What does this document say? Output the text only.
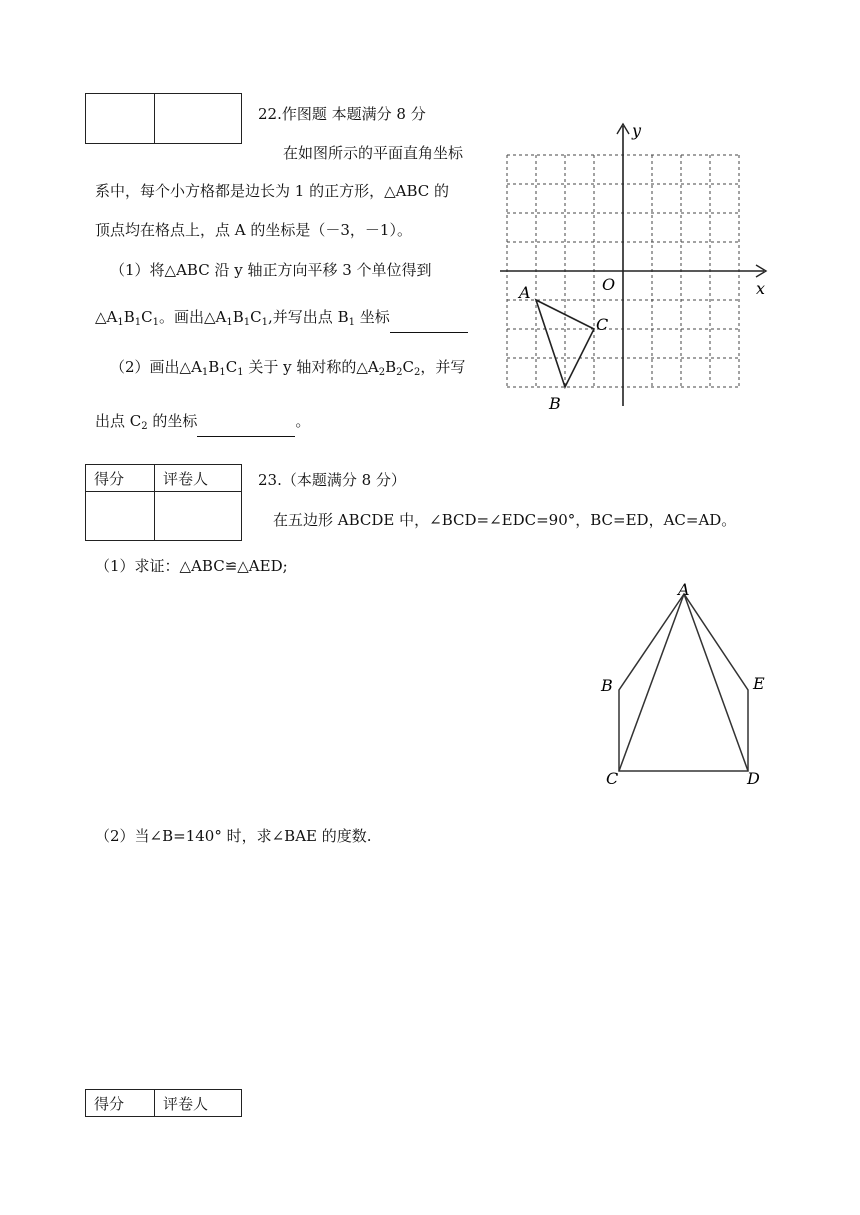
22.作图题 本题满分 8 分
在如图所示的平面直角坐标
系中，每个小方格都是边长为 1 的正方形，△ABC 的
顶点均在格点上，点 A 的坐标是（－3，－1）。
（1）将△ABC 沿 y 轴正方向平移 3 个单位得到
$\triangle A_1B_1C_1$。画出$\triangle A_1B_1C_1$,并写出点 $B_1$ 坐标
（2）画出$\triangle A_1B_1C_1$ 关于 y 轴对称的$\triangle A_2B_2C_2$，并写
出点 $C_2$ 的坐标	。
x
y
O
A
B
C
得分	评卷人
		23.（本题满分 8 分）
在五边形 ABCDE 中，∠BCD=∠EDC=90°，BC=ED，AC=AD。
（1）求证：△ABC≌△AED;
A
B	E
C	D
（2）当∠B=140° 时，求∠BAE 的度数.
得分	评卷人
